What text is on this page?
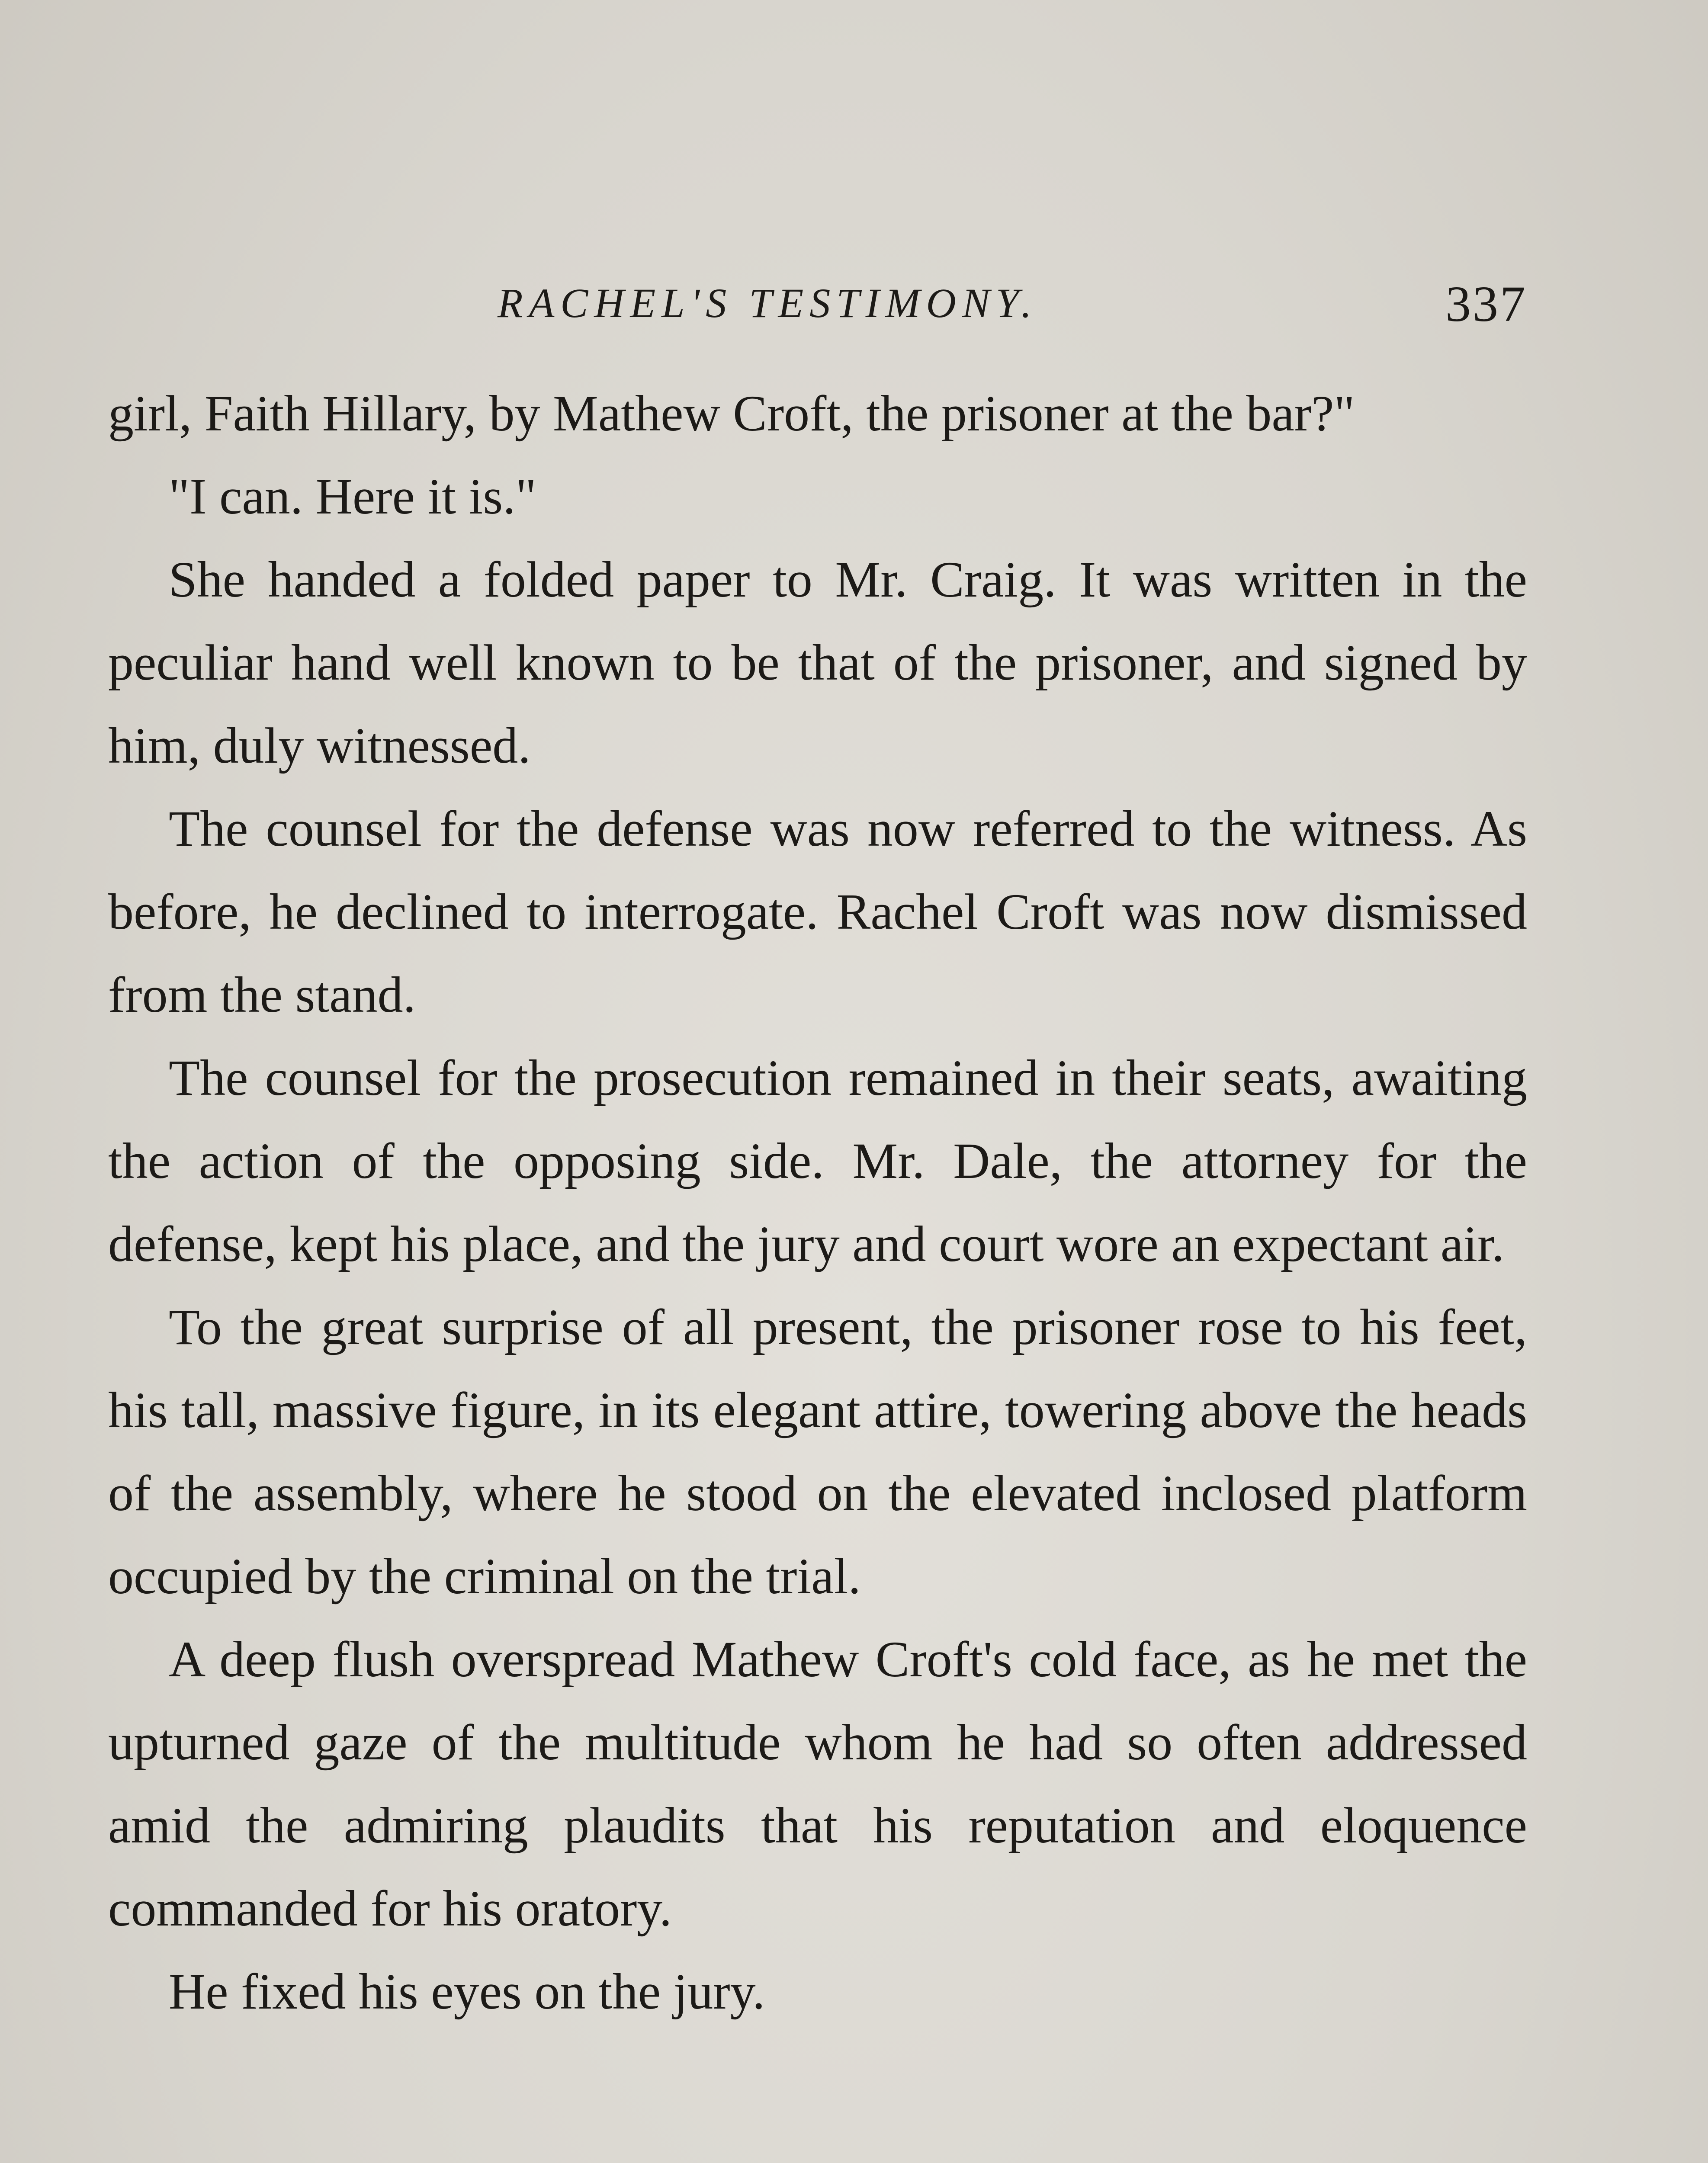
RACHEL'S TESTIMONY.	337

girl, Faith Hillary, by Mathew Croft, the prisoner at the bar?"

"I can. Here it is."

She handed a folded paper to Mr. Craig. It was written in the peculiar hand well known to be that of the prisoner, and signed by him, duly witnessed.

The counsel for the defense was now referred to the witness. As before, he declined to interrogate. Rachel Croft was now dismissed from the stand.

The counsel for the prosecution remained in their seats, awaiting the action of the opposing side. Mr. Dale, the attorney for the defense, kept his place, and the jury and court wore an expectant air.

To the great surprise of all present, the prisoner rose to his feet, his tall, massive figure, in its elegant attire, towering above the heads of the assembly, where he stood on the elevated inclosed platform occupied by the criminal on the trial.

A deep flush overspread Mathew Croft's cold face, as he met the upturned gaze of the multitude whom he had so often addressed amid the admiring plaudits that his reputation and eloquence commanded for his oratory.

He fixed his eyes on the jury.
